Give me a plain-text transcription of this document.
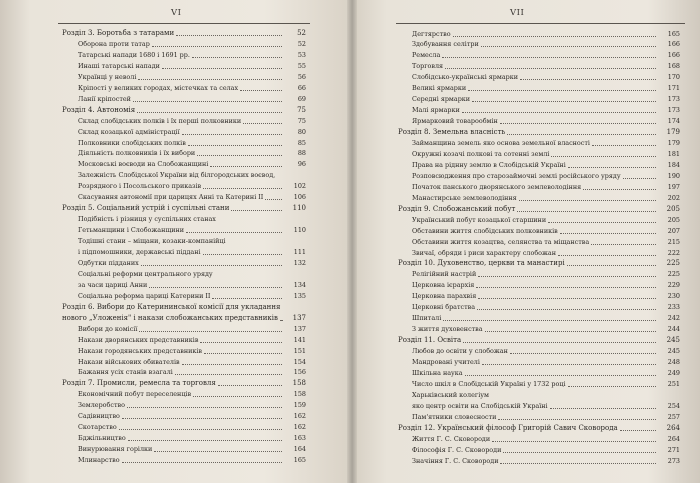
VI
Розділ 3. Боротьба з татарами	52
Оборона проти татар	52
Татарські напади 1680 і 1691 рр.	53
Инаші татарські напади	55
Українці у неволі	56
Кріпості у великих городах, містечках та селах	66
Ланії кріпостей	69
Розділ 4. Автономія	75
Склад слобідських полків і їх перші полковники	75
Склад козацької адміністрації	80
Полковники слобідських полків	85
Діяльність полковників і їх вибори	88
Московські воєводи на Слобожанщині	96
Залежність Слобідської України від білгородських воєвод,
Розрядного і Посольського приказів	102
Скасування автономії при царицях Анні та Катерині II	106
Розділ 5. Соціальний устрій і суспільні стани	110
Подібність і різниця у суспільних станах
Гетьманщини і Слобожанщини	110
Тодішні стани – міщани, козаки-компанійці
і підпомошники, державські піддані	111
Одбутки підданих	132
Соціальні реформи центрального уряду
за часи цариці Анни	134
Соціальна реформа цариці Катерини II	135
Розділ 6. Вибори до Катерининської комісії для укладання
нового „Уложенія" і накази слобожанських представників	137
Вибори до комісії	137
Накази дворянських представників	141
Накази городянських представників	151
Накази військових обивателів	154
Бажання усіх станів взагалі	156
Розділ 7. Промисли, ремесла та торговля	158
Економічний побут переселенців	158
Землеробство	159
Садівництво	162
Скотарство	162
Бджільництво	163
Винурювання горілки	164
Млинарство	165
VII
Дегтярство	165
Здобування селітри	166
Ремесла	166
Торговля	168
Слобідсько-українські ярмарки	170
Великі ярмарки	171
Середні ярмарки	173
Малі ярмарки	173
Ярмарковий товарообмін	174
Розділ 8. Земельна власність	179
Займанщина земель яко основа земельної власності	179
Окружні козачі полкові та сотенні землі	181
Права на ріднну землю в Слобідській Україні	184
Розповсюдження про старозаймочні землі російського уряду	190
Початок панського дворянського землеволодіння	197
Манастирське землеволодіння	202
Розділ 9. Слобожанський побут	205
Український побут козацької старшини	205
Обставини життя слобідських полковників	207
Обставини життя козацтва, селянства та міщанства	215
Звичаї, обряди і риси характеру слобожан	222
Розділ 10. Духовенство, церкви та манастирі	225
Релігійний настрій	225
Церковна ієрархія	229
Церковна парахвія	230
Церковні братства	233
Шпиталі	242
З життя духовенства	244
Розділ 11. Освіта	245
Любов до освіти у слобожан	245
Мандровані учителі	248
Шкільна наука	249
Число шкіл в Слобідській Україні у 1732 році	251
Харьківський колегіум
яко центр освіти на Слобідській Україні	254
Пам'ятники словесности	257
Розділ 12. Український філософ Григорій Савич Сковорода	264
Життя Г. С. Сковороди	264
Філософія Г. С. Сковороди	271
Значіння Г. С. Сковороди	273
